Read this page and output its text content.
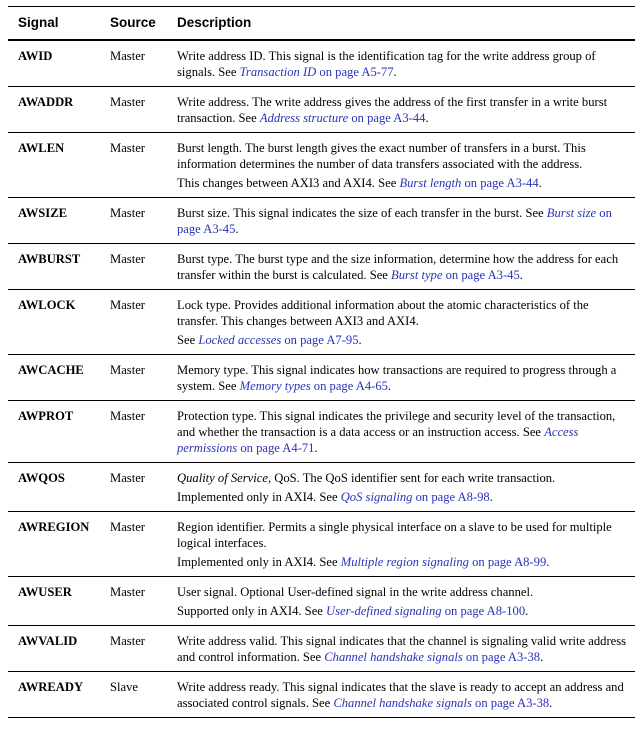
Signal	Source	Description
AWID	Master	Write address ID. This signal is the identification tag for the write address group of signals. See Transaction ID on page A5-77.

AWADDR	Master	Write address. The write address gives the address of the first transfer in a write burst transaction. See Address structure on page A3-44.

AWLEN	Master	Burst length. The burst length gives the exact number of transfers in a burst. This information determines the number of data transfers associated with the address.

This changes between AXI3 and AXI4. See Burst length on page A3-44.

AWSIZE	Master	Burst size. This signal indicates the size of each transfer in the burst. See Burst size on page A3-45.

AWBURST	Master	Burst type. The burst type and the size information, determine how the address for each transfer within the burst is calculated. See Burst type on page A3-45.

AWLOCK	Master	Lock type. Provides additional information about the atomic characteristics of the transfer. This changes between AXI3 and AXI4.

See Locked accesses on page A7-95.

AWCACHE	Master	Memory type. This signal indicates how transactions are required to progress through a system. See Memory types on page A4-65.

AWPROT	Master	Protection type. This signal indicates the privilege and security level of the transaction, and whether the transaction is a data access or an instruction access. See Access permissions on page A4-71.

AWQOS	Master	Quality of Service, QoS. The QoS identifier sent for each write transaction.

Implemented only in AXI4. See QoS signaling on page A8-98.

AWREGION	Master	Region identifier. Permits a single physical interface on a slave to be used for multiple logical interfaces.

Implemented only in AXI4. See Multiple region signaling on page A8-99.

AWUSER	Master	User signal. Optional User-defined signal in the write address channel.

Supported only in AXI4. See User-defined signaling on page A8-100.

AWVALID	Master	Write address valid. This signal indicates that the channel is signaling valid write address and control information. See Channel handshake signals on page A3-38.

AWREADY	Slave	Write address ready. This signal indicates that the slave is ready to accept an address and associated control signals. See Channel handshake signals on page A3-38.
